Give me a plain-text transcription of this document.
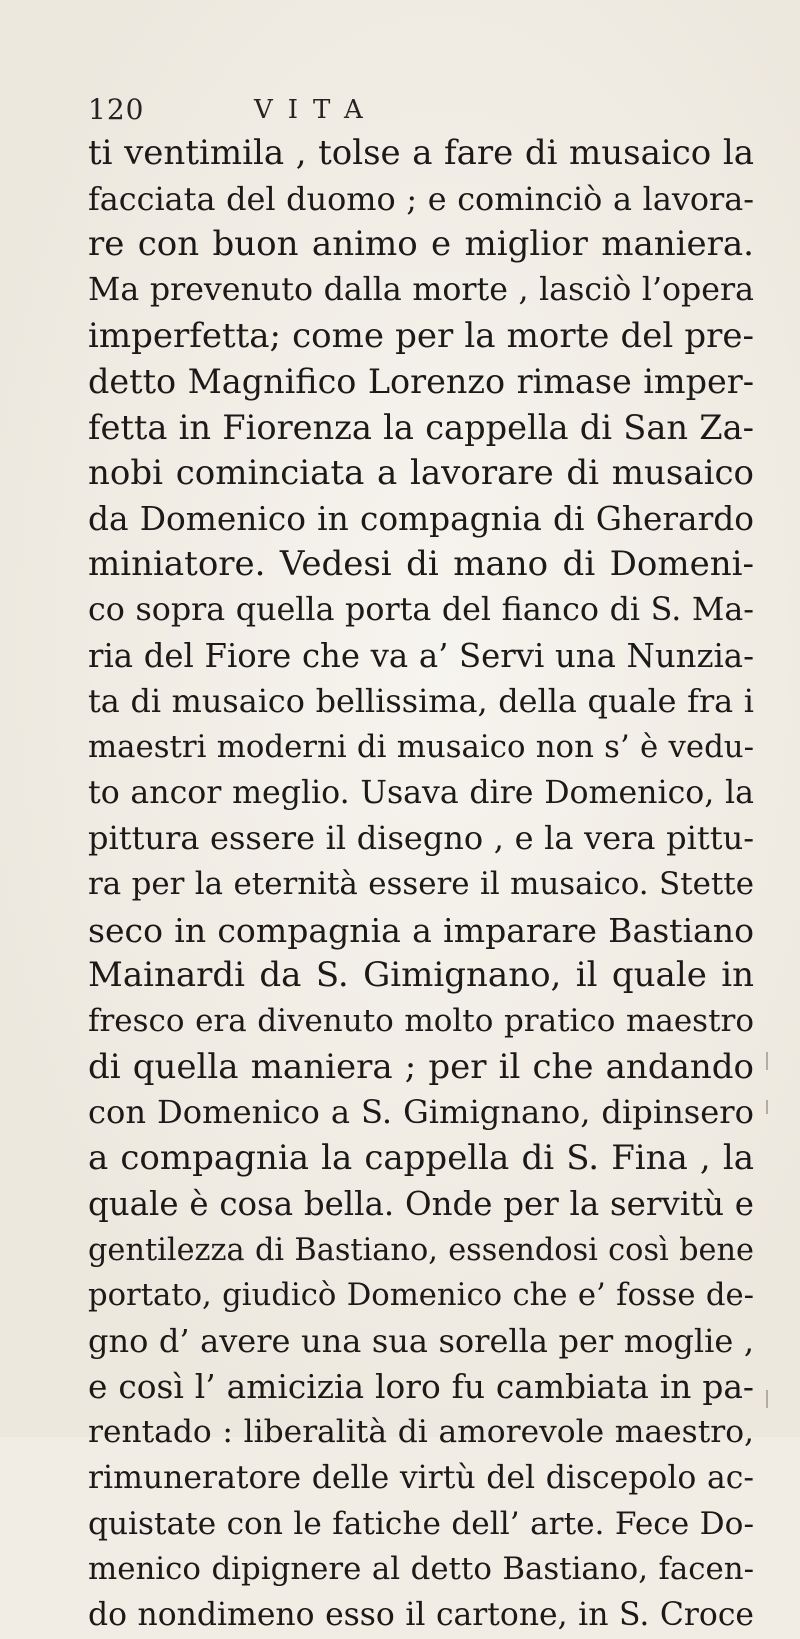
120	VITA
ti ventimila , tolse a fare di musaico la
facciata del duomo ; e cominciò a lavora-
re con buon animo e miglior maniera.
Ma prevenuto dalla morte , lasciò l’opera
imperfetta; come per la morte del pre-
detto Magnifico Lorenzo rimase imper-
fetta in Fiorenza la cappella di San Za-
nobi cominciata a lavorare di musaico
da Domenico in compagnia di Gherardo
miniatore. Vedesi di mano di Domeni-
co sopra quella porta del fianco di S. Ma-
ria del Fiore che va a’ Servi una Nunzia-
ta di musaico bellissima, della quale fra i
maestri moderni di musaico non s’ è vedu-
to ancor meglio. Usava dire Domenico, la
pittura essere il disegno , e la vera pittu-
ra per la eternità essere il musaico. Stette
seco in compagnia a imparare Bastiano
Mainardi da S. Gimignano, il quale in
fresco era divenuto molto pratico maestro
di quella maniera ; per il che andando
con Domenico a S. Gimignano, dipinsero
a compagnia la cappella di S. Fina , la
quale è cosa bella. Onde per la servitù e
gentilezza di Bastiano, essendosi così bene
portato, giudicò Domenico che e’ fosse de-
gno d’ avere una sua sorella per moglie ,
e così l’ amicizia loro fu cambiata in pa-
rentado : liberalità di amorevole maestro,
rimuneratore delle virtù del discepolo ac-
quistate con le fatiche dell’ arte. Fece Do-
menico dipignere al detto Bastiano, facen-
do nondimeno esso il cartone, in S. Croce
